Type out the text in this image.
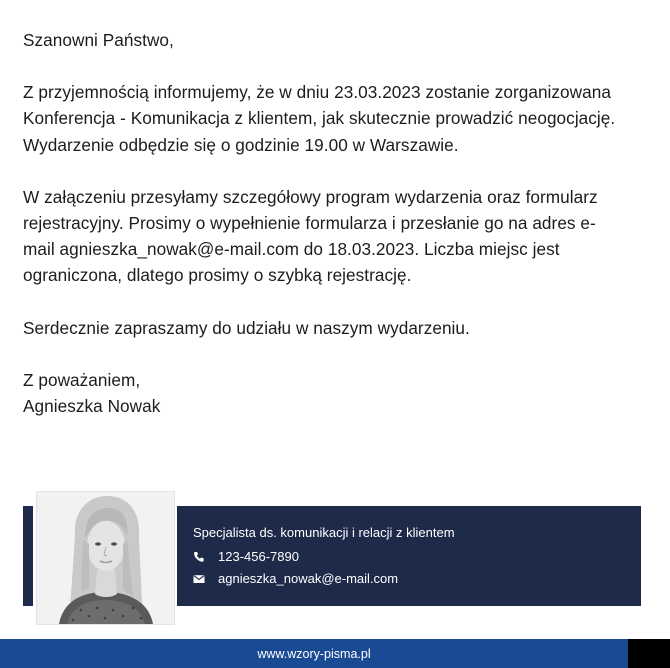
Szanowni Państwo,

Z przyjemnością informujemy, że w dniu 23.03.2023 zostanie zorganizowana

Konferencja - Komunikacja z klientem, jak skutecznie prowadzić neogocjację.

Wydarzenie odbędzie się o godzinie 19.00 w Warszawie.

W załączeniu przesyłamy szczegółowy program wydarzenia oraz formularz

rejestracyjny. Prosimy o wypełnienie formularza i przesłanie go na adres e-

mail agnieszka_nowak@e-mail.com do 18.03.2023. Liczba miejsc jest

ograniczona, dlatego prosimy o szybką rejestrację.

Serdecznie zapraszamy do udziału w naszym wydarzeniu.

Z poważaniem,

Agnieszka Nowak

Specjalista ds. komunikacji i relacji z klientem
123-456-7890
agnieszka_nowak@e-mail.com
www.wzory-pisma.pl
